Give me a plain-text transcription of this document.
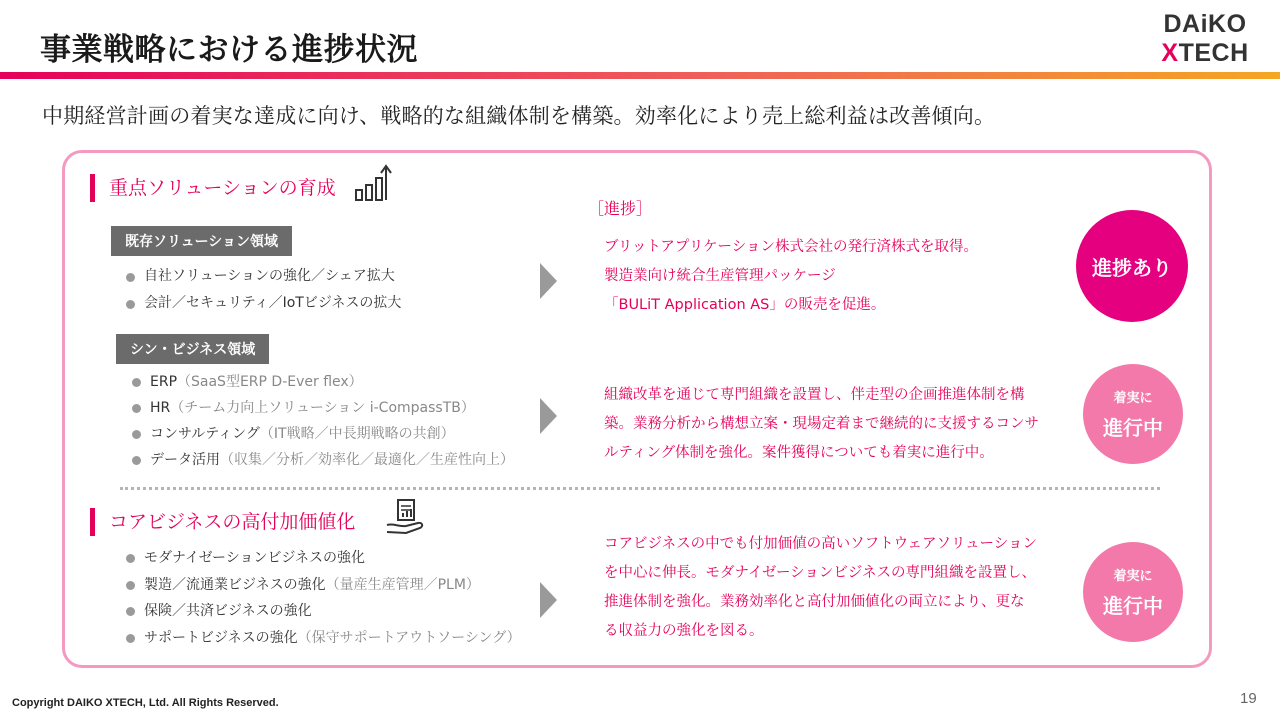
事業戦略における進捗状況
DAiKO
XTECH
中期経営計画の着実な達成に向け、戦略的な組織体制を構築。効率化により売上総利益は改善傾向。
重点ソリューションの育成
既存ソリューション領域
自社ソリューションの強化／シェア拡大
会計／セキュリティ／IoTビジネスの拡大
シン・ビジネス領域
ERP（SaaS型ERP D-Ever flex）
HR（チーム力向上ソリューション i-CompassTB）
コンサルティング（IT戦略／中長期戦略の共創）
データ活用（収集／分析／効率化／最適化／生産性向上）
［進捗］
ブリットアプリケーション株式会社の発行済株式を取得。
製造業向け統合生産管理パッケージ
「BULiT Application AS」の販売を促進。
組織改革を通じて専門組織を設置し、伴走型の企画推進体制を構
築。業務分析から構想立案・現場定着まで継続的に支援するコンサ
ルティング体制を強化。案件獲得についても着実に進行中。
コアビジネスの中でも付加価値の高いソフトウェアソリューション
を中心に伸長。モダナイゼーションビジネスの専門組織を設置し、
推進体制を強化。業務効率化と高付加価値化の両立により、更な
る収益力の強化を図る。
進捗あり
着実に
進行中
着実に
進行中
コアビジネスの高付加価値化
モダナイゼーションビジネスの強化
製造／流通業ビジネスの強化（量産生産管理／PLM）
保険／共済ビジネスの強化
サポートビジネスの強化（保守サポートアウトソーシング）
Copyright DAIKO XTECH, Ltd. All Rights Reserved.	19
